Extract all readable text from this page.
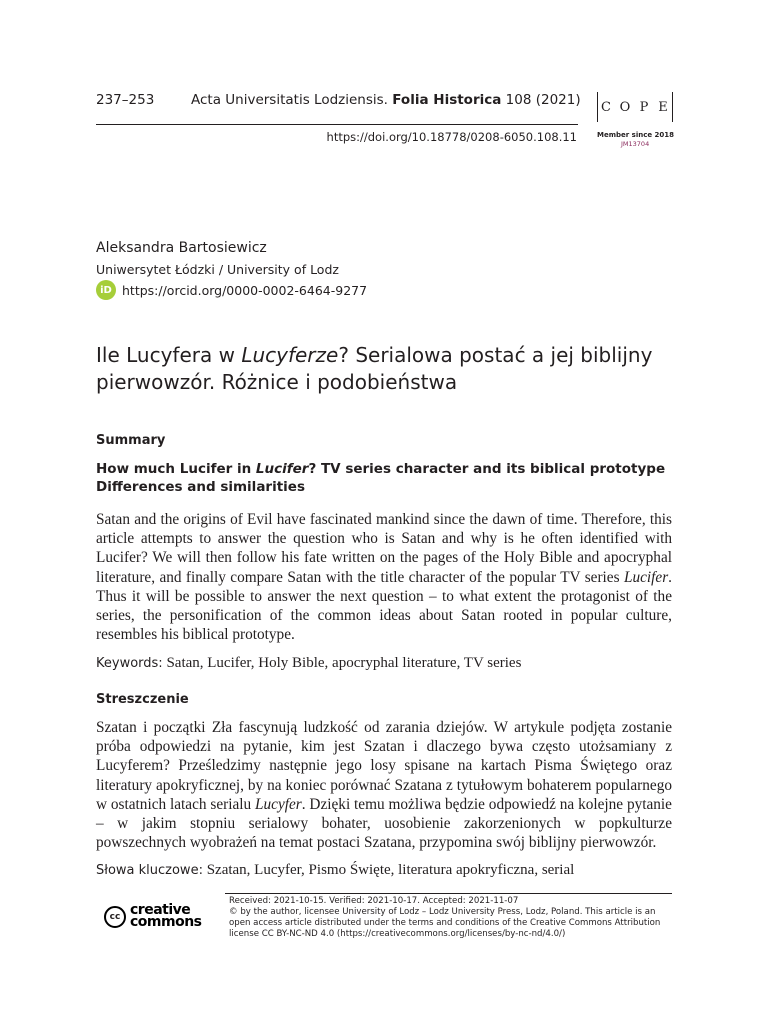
237–253	Acta Universitatis Lodziensis. Folia Historica 108 (2021)
https://doi.org/10.18778/0208-6050.108.11
C O P E
Member since 2018
JM13704
Aleksandra Bartosiewicz
Uniwersytet Łódzki / University of Lodz
iD https://orcid.org/0000-0002-6464-9277
Ile Lucyfera w Lucyferze? Serialowa postać a jej biblijny pierwowzór. Różnice i podobieństwa
Summary
How much Lucifer in Lucifer? TV series character and its biblical prototype
Differences and similarities
Satan and the origins of Evil have fascinated mankind since the dawn of time. Therefore, this article attempts to answer the question who is Satan and why is he often identified with Lucifer? We will then follow his fate written on the pages of the Holy Bible and apocryphal literature, and finally compare Satan with the title character of the popular TV series Lucifer. Thus it will be possible to answer the next question – to what extent the protagonist of the series, the personification of the common ideas about Satan rooted in popular culture, resembles his biblical prototype.
Keywords: Satan, Lucifer, Holy Bible, apocryphal literature, TV series
Streszczenie
Szatan i początki Zła fascynują ludzkość od zarania dziejów. W artykule podjęta zostanie próba odpowiedzi na pytanie, kim jest Szatan i dlaczego bywa często utożsamiany z Lucyferem? Prześledzimy następnie jego losy spisane na kartach Pisma Świętego oraz literatury apokryficznej, by na koniec porównać Szatana z tytułowym bohaterem popularnego w ostatnich latach serialu Lucyfer. Dzięki temu możliwa będzie odpowiedź na kolejne pytanie – w jakim stopniu serialowy bohater, uosobienie zakorzenionych w popkulturze powszechnych wyobrażeń na temat postaci Szatana, przypomina swój biblijny pierwowzór.
Słowa kluczowe: Szatan, Lucyfer, Pismo Święte, literatura apokryficzna, serial
cc creative
commons
Received: 2021-10-15. Verified: 2021-10-17. Accepted: 2021-11-07
© by the author, licensee University of Lodz – Lodz University Press, Lodz, Poland. This article is an open access article distributed under the terms and conditions of the Creative Commons Attribution license CC BY-NC-ND 4.0 (https://creativecommons.org/licenses/by-nc-nd/4.0/)
